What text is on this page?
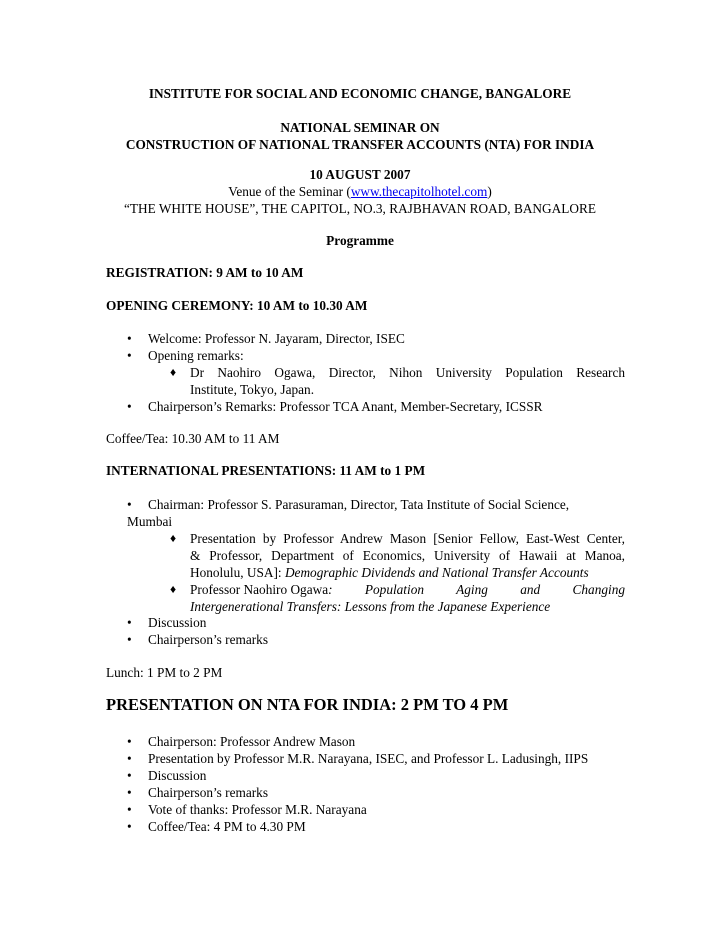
INSTITUTE FOR SOCIAL AND ECONOMIC CHANGE, BANGALORE
NATIONAL SEMINAR ON
CONSTRUCTION OF NATIONAL TRANSFER ACCOUNTS (NTA) FOR INDIA
10 AUGUST 2007
Venue of the Seminar (www.thecapitolhotel.com)
“THE WHITE HOUSE”, THE CAPITOL, NO.3, RAJBHAVAN ROAD, BANGALORE
Programme
REGISTRATION: 9 AM to 10 AM
OPENING CEREMONY: 10 AM to 10.30 AM
•	Welcome: Professor N. Jayaram, Director, ISEC
•	Opening remarks:
♦	Dr Naohiro Ogawa, Director, Nihon University Population Research
Institute, Tokyo, Japan.
•	Chairperson’s Remarks: Professor TCA Anant, Member-Secretary, ICSSR
Coffee/Tea: 10.30 AM to 11 AM
INTERNATIONAL PRESENTATIONS: 11 AM to 1 PM
•	Chairman: Professor S. Parasuraman, Director, Tata Institute of Social Science,
Mumbai
♦	Presentation by Professor Andrew Mason [Senior Fellow, East-West Center,
& Professor, Department of Economics, University of Hawaii at Manoa,
Honolulu, USA]: Demographic Dividends and National Transfer Accounts
♦	Professor Naohiro Ogawa : Population Aging and Changing
Intergenerational Transfers: Lessons from the Japanese Experience
•	Discussion
•	Chairperson’s remarks
Lunch: 1 PM to 2 PM
PRESENTATION ON NTA FOR INDIA: 2 PM TO 4 PM
•	Chairperson: Professor Andrew Mason
•	Presentation by Professor M.R. Narayana, ISEC, and Professor L. Ladusingh, IIPS
•	Discussion
•	Chairperson’s remarks
•	Vote of thanks: Professor M.R. Narayana
•	Coffee/Tea: 4 PM to 4.30 PM
